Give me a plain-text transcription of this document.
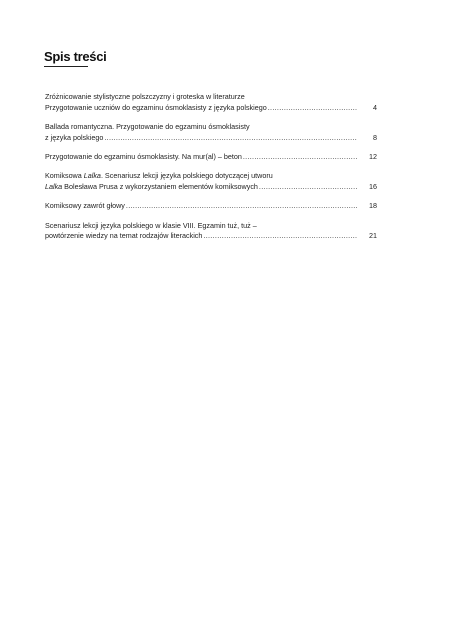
Spis treści
Zróżnicowanie stylistyczne polszczyzny i groteska w literaturze
Przygotowanie uczniów do egzaminu ósmoklasisty z języka polskiego .....	4
Ballada romantyczna. Przygotowanie do egzaminu ósmoklasisty
z języka polskiego .....	8
Przygotowanie do egzaminu ósmoklasisty. Na mur(al) – beton .....	12
Komiksowa Lalka. Scenariusz lekcji języka polskiego dotyczącej utworu
Lalka Bolesława Prusa z wykorzystaniem elementów komiksowych .....	16
Komiksowy zawrót głowy .....	18
Scenariusz lekcji języka polskiego w klasie VIII. Egzamin tuż, tuż –
powtórzenie wiedzy na temat rodzajów literackich .....	21
